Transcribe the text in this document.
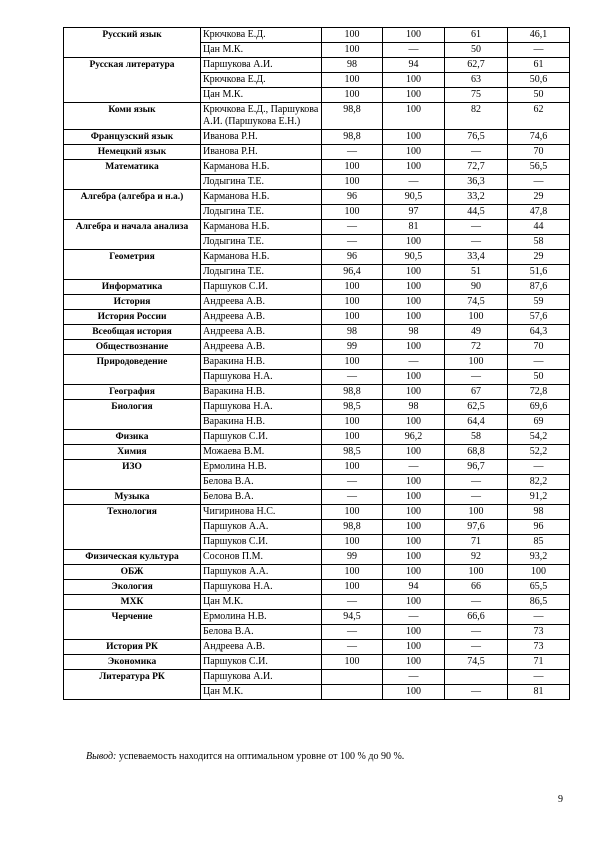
Русский язык	Крючкова Е.Д.	100	100	61	46,1
	Цан М.К.	100	—	50	—
Русская литература	Паршукова А.И.	98	94	62,7	61
	Крючкова Е.Д.	100	100	63	50,6
	Цан М.К.	100	100	75	50
Коми язык	Крючкова Е.Д., Паршукова А.И. (Паршукова Е.Н.)	98,8	100	82	62
Французский язык	Иванова Р.Н.	98,8	100	76,5	74,6
Немецкий язык	Иванова Р.Н.	—	100	—	70
Математика	Карманова Н.Б.	100	100	72,7	56,5
	Лодыгина Т.Е.	100	—	36,3	—
Алгебра (алгебра и н.а.)	Карманова Н.Б.	96	90,5	33,2	29
	Лодыгина Т.Е.	100	97	44,5	47,8
Алгебра и начала анализа	Карманова Н.Б.	—	81	—	44
	Лодыгина Т.Е.	—	100	—	58
Геометрия	Карманова Н.Б.	96	90,5	33,4	29
	Лодыгина Т.Е.	96,4	100	51	51,6
Информатика	Паршуков С.И.	100	100	90	87,6
История	Андреева А.В.	100	100	74,5	59
История России	Андреева А.В.	100	100	100	57,6
Всеобщая история	Андреева А.В.	98	98	49	64,3
Обществознание	Андреева А.В.	99	100	72	70
Природоведение	Варакина Н.В.	100	—	100	—
	Паршукова Н.А.	—	100	—	50
География	Варакина Н.В.	98,8	100	67	72,8
Биология	Паршукова Н.А.	98,5	98	62,5	69,6
	Варакина Н.В.	100	100	64,4	69
Физика	Паршуков С.И.	100	96,2	58	54,2
Химия	Можаева В.М.	98,5	100	68,8	52,2
ИЗО	Ермолина Н.В.	100	—	96,7	—
	Белова В.А.	—	100	—	82,2
Музыка	Белова В.А.	—	100	—	91,2
Технология	Чигиринова Н.С.	100	100	100	98
	Паршуков А.А.	98,8	100	97,6	96
	Паршуков С.И.	100	100	71	85
Физическая культура	Сосонов П.М.	99	100	92	93,2
ОБЖ	Паршуков А.А.	100	100	100	100
Экология	Паршукова Н.А.	100	94	66	65,5
МХК	Цан М.К.	—	100	—	86,5
Черчение	Ермолина Н.В.	94,5	—	66,6	—
	Белова В.А.	—	100	—	73
История РК	Андреева А.В.	—	100	—	73
Экономика	Паршуков С.И.	100	100	74,5	71
Литература РК	Паршукова А.И.		—		—
	Цан М.К.		100	—	81
Вывод: успеваемость находится на оптимальном уровне от 100 % до 90 %.
9
